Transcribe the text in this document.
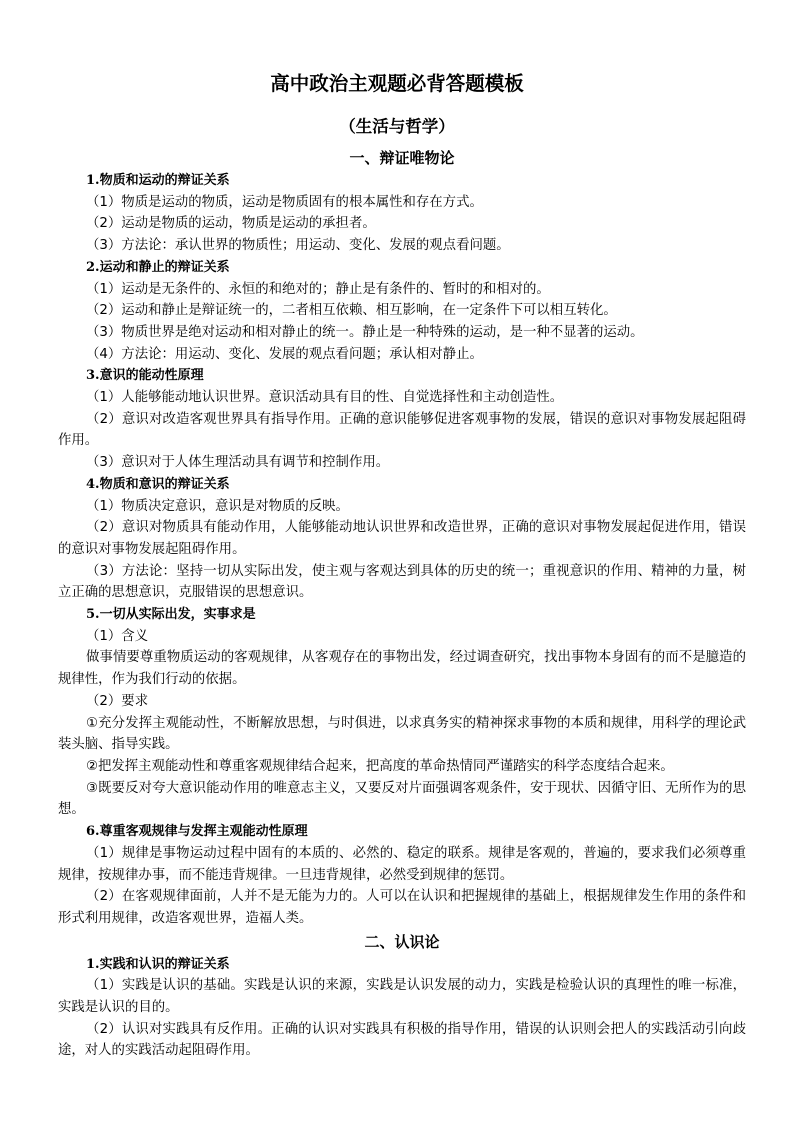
高中政治主观题必背答题模板
（生活与哲学）
一、辩证唯物论
1.物质和运动的辩证关系

（1）物质是运动的物质，运动是物质固有的根本属性和存在方式。

（2）运动是物质的运动，物质是运动的承担者。

（3）方法论：承认世界的物质性；用运动、变化、发展的观点看问题。

2.运动和静止的辩证关系

（1）运动是无条件的、永恒的和绝对的；静止是有条件的、暂时的和相对的。

（2）运动和静止是辩证统一的，二者相互依赖、相互影响，在一定条件下可以相互转化。

（3）物质世界是绝对运动和相对静止的统一。静止是一种特殊的运动，是一种不显著的运动。

（4）方法论：用运动、变化、发展的观点看问题；承认相对静止。

3.意识的能动性原理

（1）人能够能动地认识世界。意识活动具有目的性、自觉选择性和主动创造性。

（2）意识对改造客观世界具有指导作用。正确的意识能够促进客观事物的发展，错误的意识对事物发展起阻碍作用。

（3）意识对于人体生理活动具有调节和控制作用。

4.物质和意识的辩证关系

（1）物质决定意识，意识是对物质的反映。

（2）意识对物质具有能动作用，人能够能动地认识世界和改造世界，正确的意识对事物发展起促进作用，错误的意识对事物发展起阻碍作用。

（3）方法论：坚持一切从实际出发，使主观与客观达到具体的历史的统一；重视意识的作用、精神的力量，树立正确的思想意识，克服错误的思想意识。

5.一切从实际出发，实事求是

（1）含义

做事情要尊重物质运动的客观规律，从客观存在的事物出发，经过调查研究，找出事物本身固有的而不是臆造的规律性，作为我们行动的依据。

（2）要求

①充分发挥主观能动性，不断解放思想，与时俱进，以求真务实的精神探求事物的本质和规律，用科学的理论武装头脑、指导实践。

②把发挥主观能动性和尊重客观规律结合起来，把高度的革命热情同严谨踏实的科学态度结合起来。

③既要反对夸大意识能动作用的唯意志主义，又要反对片面强调客观条件，安于现状、因循守旧、无所作为的思想。

6.尊重客观规律与发挥主观能动性原理

（1）规律是事物运动过程中固有的本质的、必然的、稳定的联系。规律是客观的，普遍的，要求我们必须尊重规律，按规律办事，而不能违背规律。一旦违背规律，必然受到规律的惩罚。

（2）在客观规律面前，人并不是无能为力的。人可以在认识和把握规律的基础上，根据规律发生作用的条件和形式利用规律，改造客观世界，造福人类。

二、认识论
1.实践和认识的辩证关系

（1）实践是认识的基础。实践是认识的来源，实践是认识发展的动力，实践是检验认识的真理性的唯一标准，实践是认识的目的。

（2）认识对实践具有反作用。正确的认识对实践具有积极的指导作用，错误的认识则会把人的实践活动引向歧途，对人的实践活动起阻碍作用。
